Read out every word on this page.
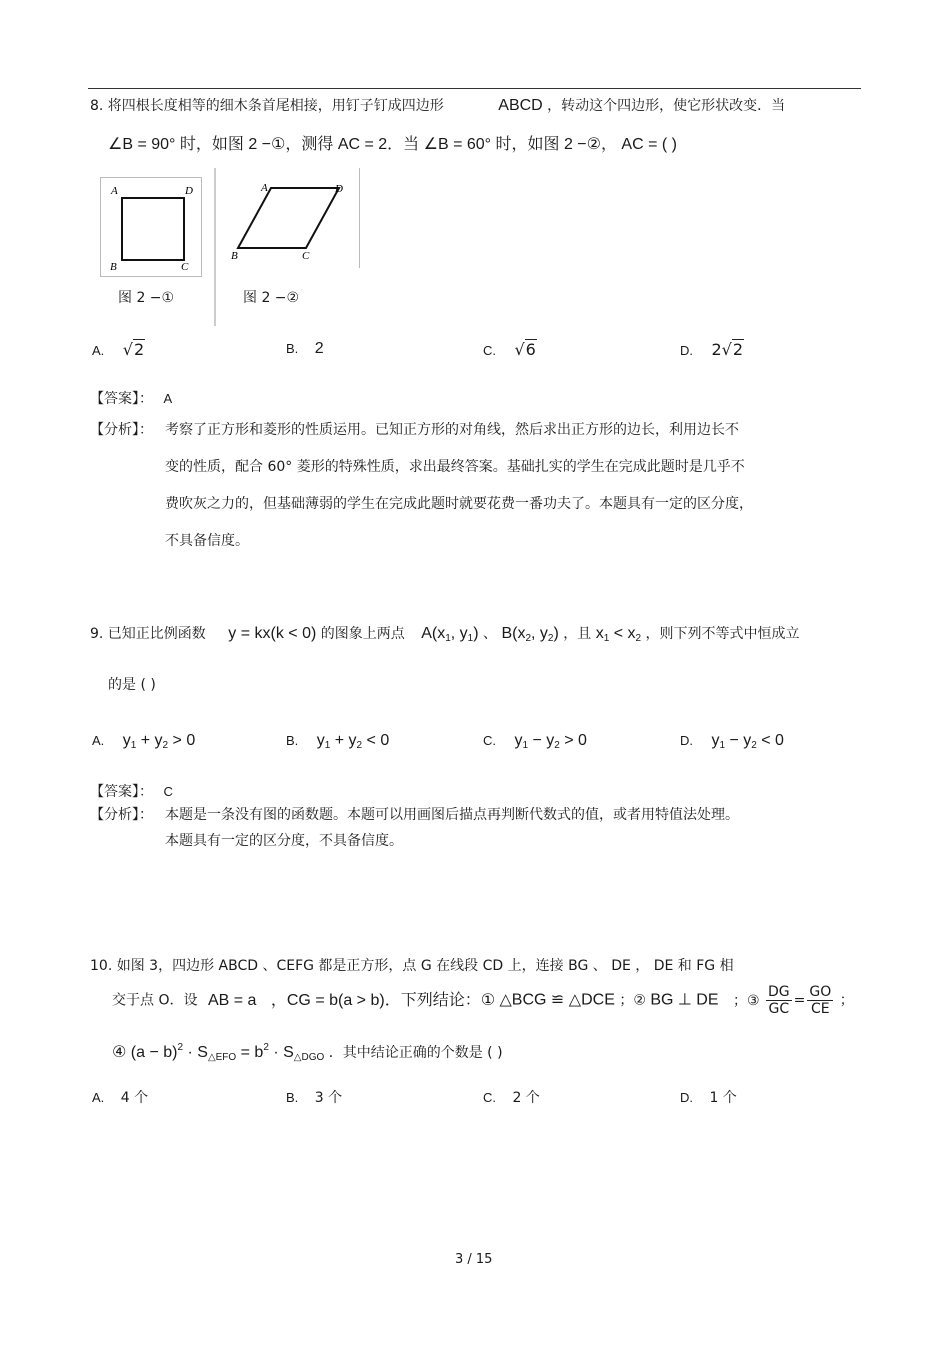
8. 将四根长度相等的细木条首尾相接，用钉子钉成四边形	ABCD ，转动这个四边形，使它形状改变．当
∠B = 90° 时，如图 2 −①，测得 AC = 2．当 ∠B = 60° 时，如图 2 −②， AC = ( )
A	D
B	C
图 2 −①
A	D
B	C
图 2 −②
A. √2	B. 2	C. √6	D. 2√2
【答案】： A
【分析】： 考察了正方形和菱形的性质运用。已知正方形的对角线，然后求出正方形的边长，利用边长不
变的性质，配合 60° 菱形的特殊性质，求出最终答案。基础扎实的学生在完成此题时是几乎不
费吹灰之力的，但基础薄弱的学生在完成此题时就要花费一番功夫了。本题具有一定的区分度，
不具备信度。
9. 已知正比例函数 y = kx(k < 0) 的图象上两点 $A(x_1$, $y_1$) 、 $B(x_2$, $y_2$) ，且 $x_1 < x_2$ ，则下列不等式中恒成立
的是 ( )
A. $y_1 + y_2 > 0$	B. $y_1 + y_2 < 0$	C. $y_1 - y_2 > 0$	D. $y_1 - y_2 < 0$
【答案】： C
【分析】： 本题是一条没有图的函数题。本题可以用画图后描点再判断代数式的值，或者用特值法处理。
本题具有一定的区分度，不具备信度。
10. 如图 3，四边形 ABCD 、CEFG 都是正方形，点 G 在线段 CD 上，连接 BG 、 DE ， DE 和 FG 相
交于点 O．设 AB = a ，CG = b(a > b)．下列结论：① △BCG ≌ △DCE ；② BG ⊥ DE ；③ $\frac{DG}{GC} = \frac{GO}{CE}$ ；
④ $(a - b)^2 \cdot S_{\triangle EFO} = b^2 \cdot S_{\triangle DGO}$ ．其中结论正确的个数是 ( )
A. 4 个	B. 3 个	C. 2 个	D. 1 个
3 / 15
